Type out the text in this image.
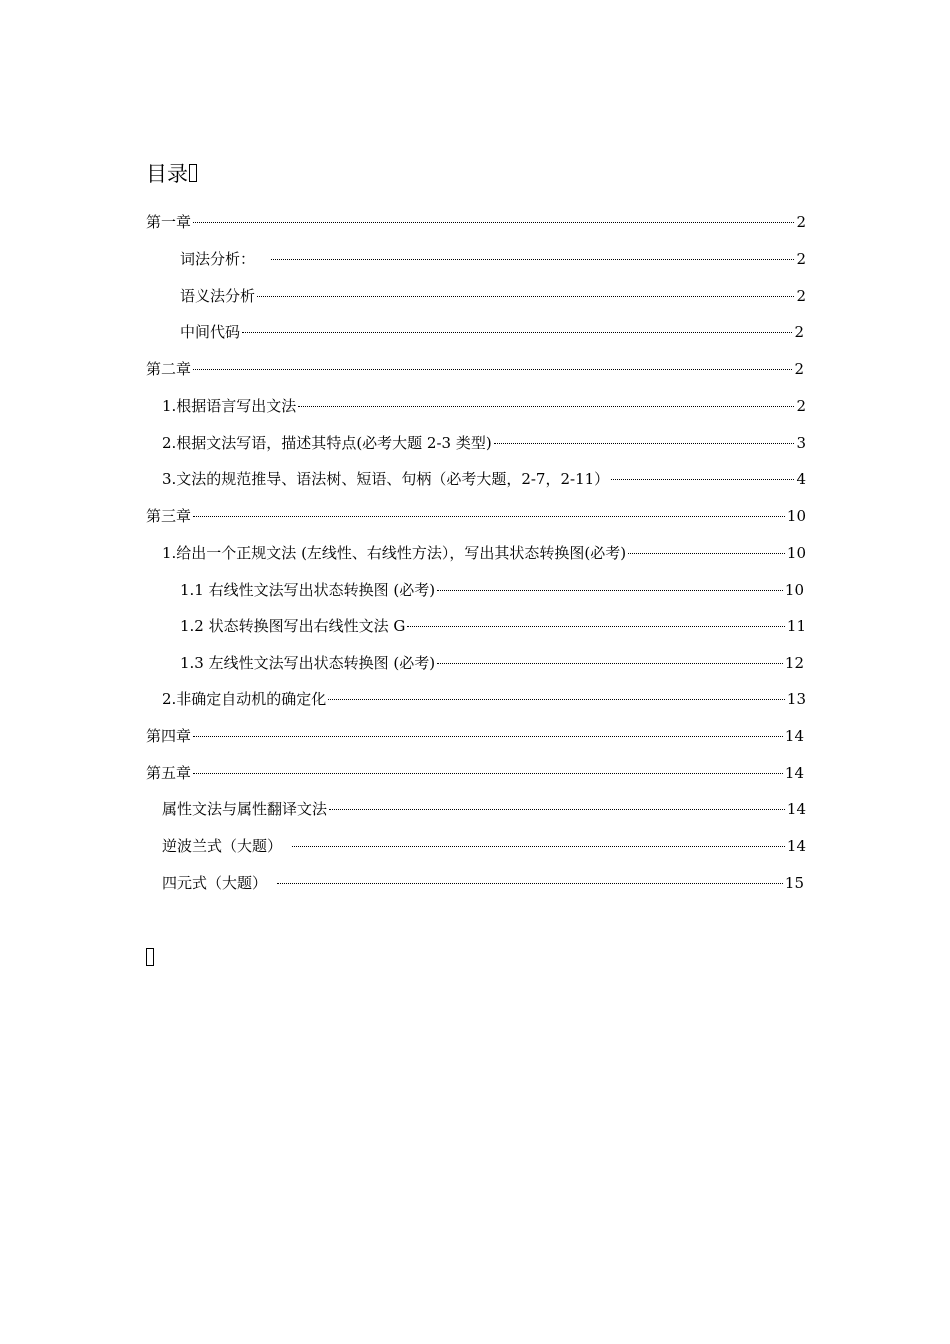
目录
第一章	2
词法分析：	2
语义法分析	2
中间代码	2
第二章	2
1.根据语言写出文法	2
2.根据文法写语，描述其特点(必考大题 2-3 类型)	3
3.文法的规范推导、语法树、短语、句柄（必考大题，2-7，2-11）	4
第三章	10
1.给出一个正规文法 (左线性、右线性方法），写出其状态转换图(必考)	10
1.1 右线性文法写出状态转换图 (必考)	10
1.2 状态转换图写出右线性文法 G	11
1.3 左线性文法写出状态转换图 (必考)	12
2.非确定自动机的确定化	13
第四章	14
第五章	14
属性文法与属性翻译文法	14
逆波兰式（大题）	14
四元式（大题）	15
